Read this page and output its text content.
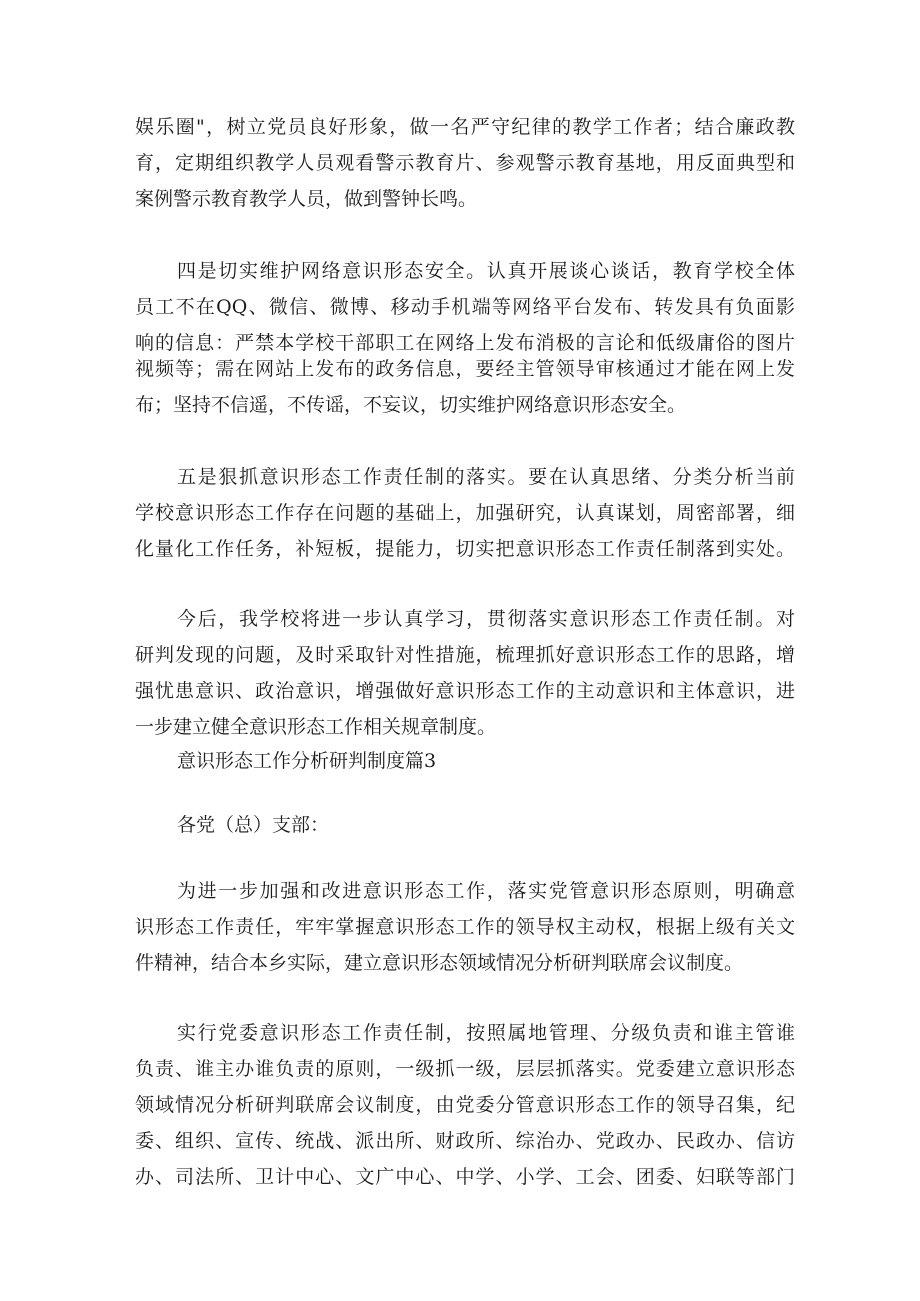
娱乐圈"，树立党员良好形象，做一名严守纪律的教学工作者；结合廉政教
育，定期组织教学人员观看警示教育片、参观警示教育基地，用反面典型和
案例警示教育教学人员，做到警钟长鸣。
四是切实维护网络意识形态安全。认真开展谈心谈话，教育学校全体
员工不在QQ、微信、微博、移动手机端等网络平台发布、转发具有负面影
响的信息：严禁本学校干部职工在网络上发布消极的言论和低级庸俗的图片
视频等；需在网站上发布的政务信息，要经主管领导审核通过才能在网上发
布；坚持不信遥，不传谣，不妄议，切实维护网络意识形态安全。
五是狠抓意识形态工作责任制的落实。要在认真思绪、分类分析当前
学校意识形态工作存在问题的基础上，加强研究，认真谋划，周密部署，细
化量化工作任务，补短板，提能力，切实把意识形态工作责任制落到实处。
今后，我学校将进一步认真学习，贯彻落实意识形态工作责任制。对
研判发现的问题，及时采取针对性措施，梳理抓好意识形态工作的思路，增
强忧患意识、政治意识，增强做好意识形态工作的主动意识和主体意识，进
一步建立健全意识形态工作相关规章制度。
意识形态工作分析研判制度篇3
各党（总）支部：
为进一步加强和改进意识形态工作，落实党管意识形态原则，明确意
识形态工作责任，牢牢掌握意识形态工作的领导权主动权，根据上级有关文
件精神，结合本乡实际，建立意识形态领域情况分析研判联席会议制度。
实行党委意识形态工作责任制，按照属地管理、分级负责和谁主管谁
负责、谁主办谁负责的原则，一级抓一级，层层抓落实。党委建立意识形态
领域情况分析研判联席会议制度，由党委分管意识形态工作的领导召集，纪
委、组织、宣传、统战、派出所、财政所、综治办、党政办、民政办、信访
办、司法所、卫计中心、文广中心、中学、小学、工会、团委、妇联等部门
